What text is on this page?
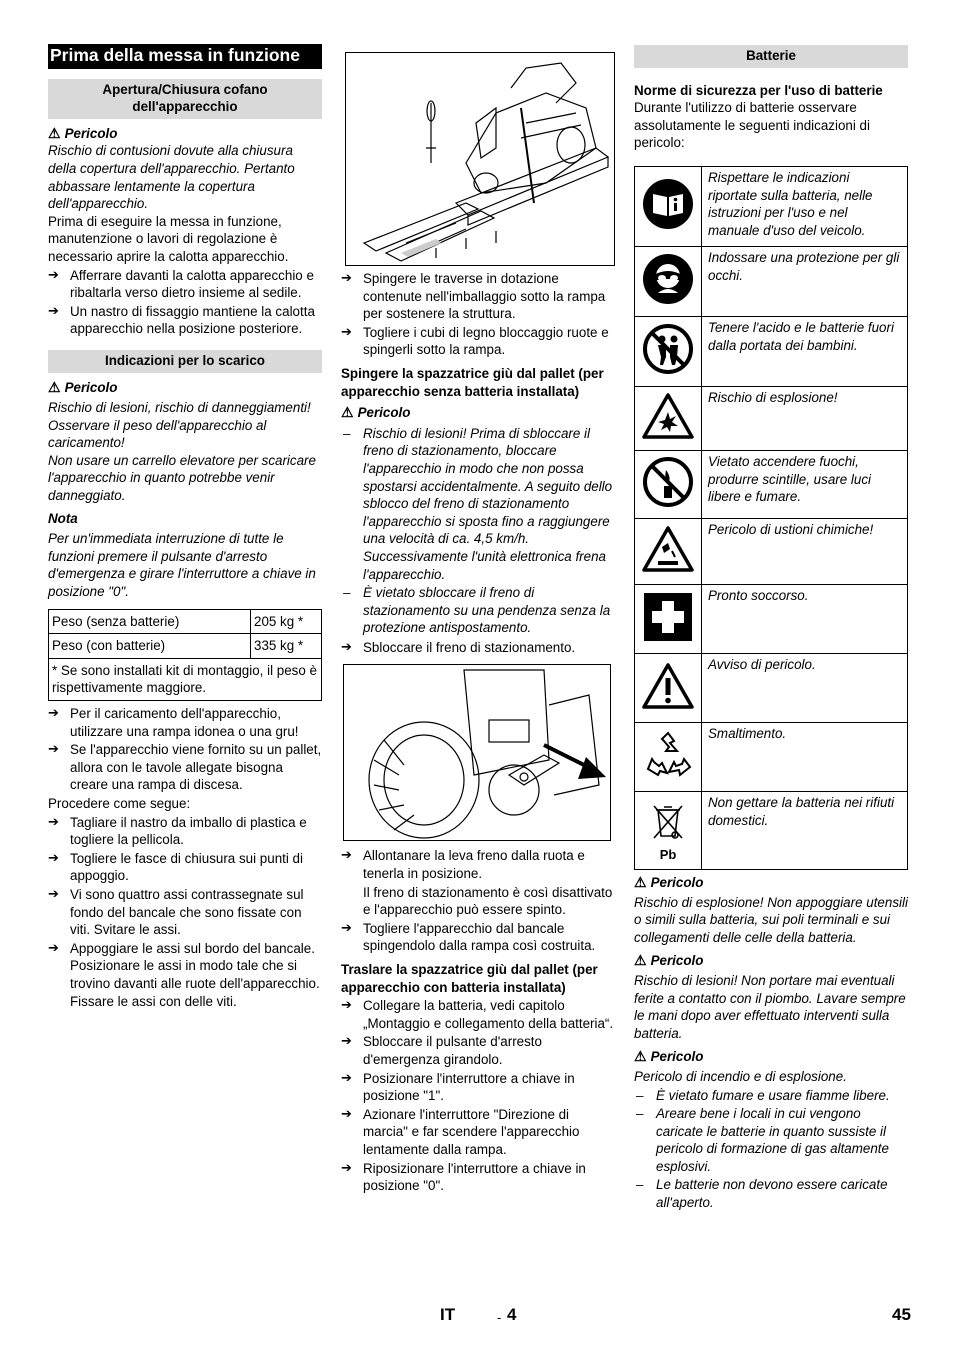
Prima della messa in funzione
Apertura/Chiusura cofano dell'apparecchio
⚠ Pericolo

Rischio di contusioni dovute alla chiusura della copertura dell'apparecchio. Pertanto abbassare lentamente la copertura dell'apparecchio.

Prima di eseguire la messa in funzione, manutenzione o lavori di regolazione è necessario aprire la calotta apparecchio.

➔ Afferrare davanti la calotta apparecchio e ribaltarla verso dietro insieme al sedile.
➔ Un nastro di fissaggio mantiene la calotta apparecchio nella posizione posteriore.
Indicazioni per lo scarico
⚠ Pericolo

Rischio di lesioni, rischio di danneggiamenti!

Osservare il peso dell'apparecchio al caricamento!

Non usare un carrello elevatore per scaricare l'apparecchio in quanto potrebbe venir danneggiato.

Nota

Per un'immediata interruzione di tutte le funzioni premere il pulsante d'arresto d'emergenza e girare l'interruttore a chiave in posizione "0".

Peso (senza batterie)	205 kg *
Peso (con batterie)	335 kg *
* Se sono installati kit di montaggio, il peso è rispettivamente maggiore.	
➔ Per il caricamento dell'apparecchio, utilizzare una rampa idonea o una gru!
➔ Se l'apparecchio viene fornito su un pallet, allora con le tavole allegate bisogna creare una rampa di discesa.

Procedere come segue:

➔ Tagliare il nastro da imballo di plastica e togliere la pellicola.
➔ Togliere le fasce di chiusura sui punti di appoggio.
➔ Vi sono quattro assi contrassegnate sul fondo del bancale che sono fissate con viti. Svitare le assi.
➔ Appoggiare le assi sul bordo del bancale. Posizionare le assi in modo tale che si trovino davanti alle ruote dell'apparecchio. Fissare le assi con delle viti.
➔ Spingere le traverse in dotazione contenute nell'imballaggio sotto la rampa per sostenere la struttura.
➔ Togliere i cubi di legno bloccaggio ruote e spingerli sotto la rampa.

Spingere la spazzatrice giù dal pallet (per apparecchio senza batteria installata)

⚠ Pericolo
– Rischio di lesioni! Prima di sbloccare il freno di stazionamento, bloccare l'apparecchio in modo che non possa spostarsi accidentalmente. A seguito dello sblocco del freno di stazionamento l'apparecchio si sposta fino a raggiungere una velocità di ca. 4,5 km/h. Successivamente l'unità elettronica frena l'apparecchio.
– È vietato sbloccare il freno di stazionamento su una pendenza senza la protezione antispostamento.
➔ Sbloccare il freno di stazionamento.
➔ Allontanare la leva freno dalla ruota e tenerla in posizione.

Il freno di stazionamento è così disattivato e l'apparecchio può essere spinto.

➔ Togliere l'apparecchio dal bancale spingendolo dalla rampa così costruita.

Traslare la spazzatrice giù dal pallet (per apparecchio con batteria installata)

➔ Collegare la batteria, vedi capitolo „Montaggio e collegamento della batteria“.
➔ Sbloccare il pulsante d'arresto d'emergenza girandolo.
➔ Posizionare l'interruttore a chiave in posizione "1".
➔ Azionare l'interruttore "Direzione di marcia" e far scendere l'apparecchio lentamente dalla rampa.
➔ Riposizionare l'interruttore a chiave in posizione "0".
Batterie

Norme di sicurezza per l'uso di batterie

Durante l'utilizzo di batterie osservare assolutamente le seguenti indicazioni di pericolo:

	Rispettare le indicazioni riportate sulla batteria, nelle istruzioni per l'uso e nel manuale d'uso del veicolo.
	Indossare una protezione per gli occhi.
	Tenere l'acido e le batterie fuori dalla portata dei bambini.
	Rischio di esplosione!
	Vietato accendere fuochi, produrre scintille, usare luci libere e fumare.
	Pericolo di ustioni chimiche!
	Pronto soccorso.
	Avviso di pericolo.
	Smaltimento.

Pb	Non gettare la batteria nei rifiuti domestici.
⚠ Pericolo

Rischio di esplosione! Non appoggiare utensili o simili sulla batteria, sui poli terminali e sui collegamenti delle celle della batteria.

⚠ Pericolo

Rischio di lesioni! Non portare mai eventuali ferite a contatto con il piombo. Lavare sempre le mani dopo aver effettuato interventi sulla batteria.

⚠ Pericolo

Pericolo di incendio e di esplosione.

– È vietato fumare e usare fiamme libere.
– Areare bene i locali in cui vengono caricate le batterie in quanto sussiste il pericolo di formazione di gas altamente esplosivi.
– Le batterie non devono essere caricate all'aperto.
IT	- 4	45
